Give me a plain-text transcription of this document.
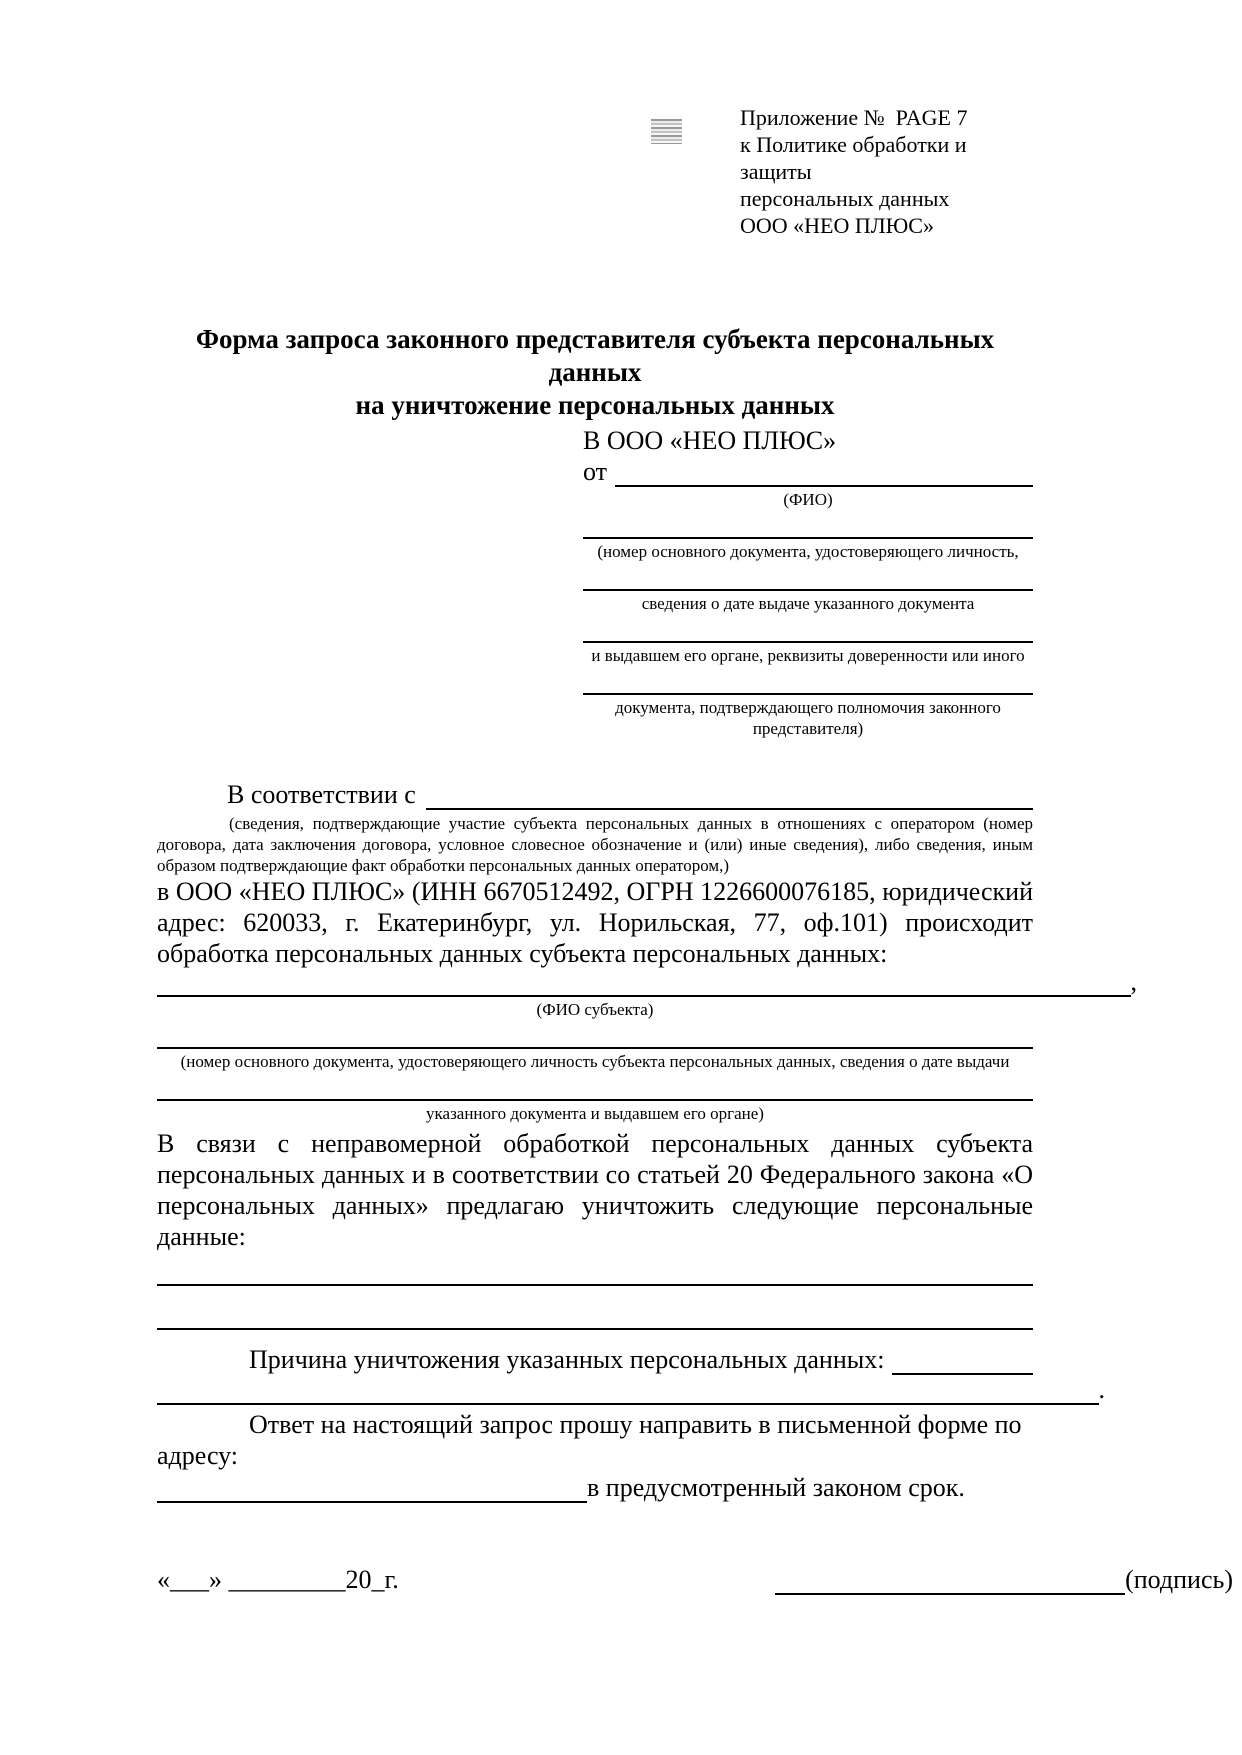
Приложение №  PAGE 7
к Политике обработки и защиты
персональных данных
ООО «НЕО ПЛЮС»
Форма запроса законного представителя субъекта персональных данных
на уничтожение персональных данных
В ООО «НЕО ПЛЮС»
от
(ФИО)
(номер основного документа, удостоверяющего личность,
сведения о дате выдаче указанного документа
и выдавшем его органе, реквизиты доверенности или иного
документа, подтверждающего полномочия законного представителя)
В соответствии с
(сведения, подтверждающие участие субъекта персональных данных в отношениях с оператором (номер договора, дата заключения договора, условное словесное обозначение и (или) иные сведения), либо сведения, иным образом подтверждающие факт обработки персональных данных оператором,)
в ООО «НЕО ПЛЮС» (ИНН 6670512492, ОГРН 1226600076185, юридический адрес: 620033, г. Екатеринбург, ул. Норильская, 77, оф.101) происходит обработка персональных данных субъекта персональных данных:
,
(ФИО субъекта)
(номер основного документа, удостоверяющего личность субъекта персональных данных, сведения о дате выдачи
указанного документа и выдавшем его органе)
В связи с неправомерной обработкой персональных данных субъекта персональных данных и в соответствии со статьей 20 Федерального закона «О персональных данных» предлагаю уничтожить следующие персональные данные:
Причина уничтожения указанных персональных данных:
.
Ответ на настоящий запрос прошу направить в письменной форме по адресу:
в предусмотренный законом срок.
«___» _________20_г.	(подпись)
